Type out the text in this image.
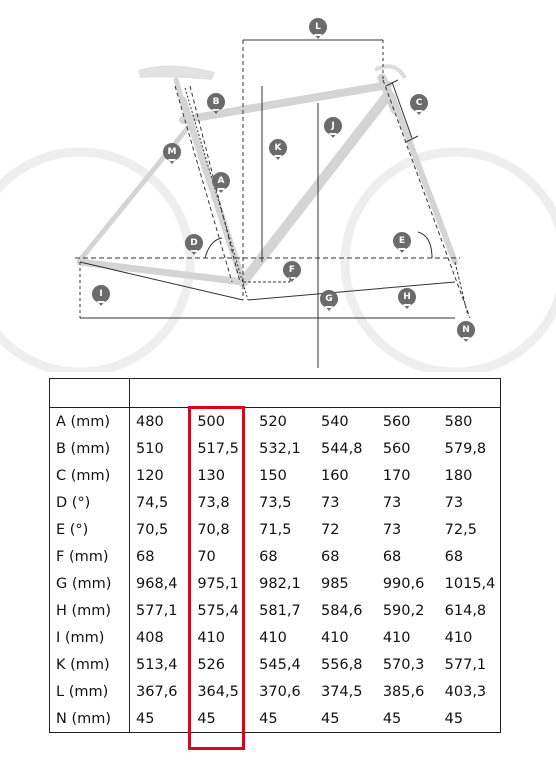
L
B	C
M
J
K
A
D	E
F
I	G	H
N

A (mm)	480	500	520	540	560	580
B (mm)	510	517,5	532,1	544,8	560	579,8
C (mm)	120	130	150	160	170	180
D (°)	74,5	73,8	73,5	73	73	73
E (°)	70,5	70,8	71,5	72	73	72,5
F (mm)	68	70	68	68	68	68
G (mm)	968,4	975,1	982,1	985	990,6	1015,4
H (mm)	577,1	575,4	581,7	584,6	590,2	614,8
I (mm)	408	410	410	410	410	410
K (mm)	513,4	526	545,4	556,8	570,3	577,1
L (mm)	367,6	364,5	370,6	374,5	385,6	403,3
N (mm)	45	45	45	45	45	45
